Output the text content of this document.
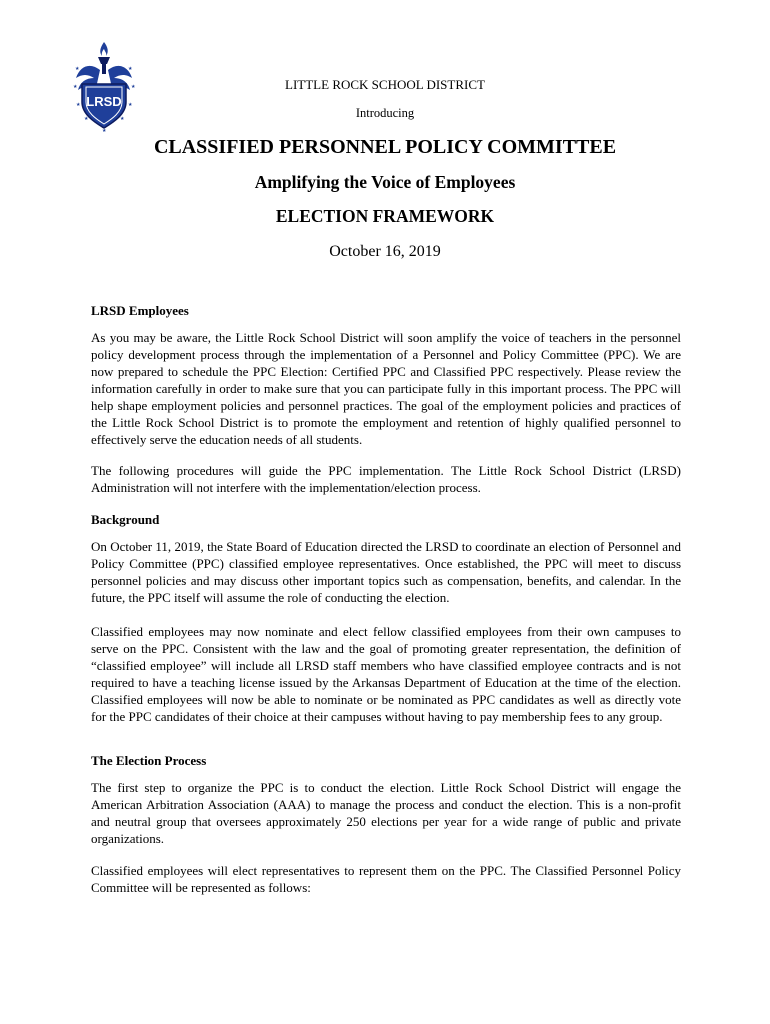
LRSD
★
★
★
★
★
★
★
★
★
LITTLE ROCK SCHOOL DISTRICT
Introducing
CLASSIFIED PERSONNEL POLICY COMMITTEE
Amplifying the Voice of Employees
ELECTION FRAMEWORK
October 16, 2019

LRSD Employees

As you may be aware, the Little Rock School District will soon amplify the voice of teachers in the personnel policy development process through the implementation of a Personnel and Policy Committee (PPC). We are now prepared to schedule the PPC Election: Certified PPC and Classified PPC respectively. Please review the information carefully in order to make sure that you can participate fully in this important process. The PPC will help shape employment policies and personnel practices. The goal of the employment policies and practices of the Little Rock School District is to promote the employment and retention of highly qualified personnel to effectively serve the education needs of all students.

The following procedures will guide the PPC implementation. The Little Rock School District (LRSD) Administration will not interfere with the implementation/election process.

Background

On October 11, 2019, the State Board of Education directed the LRSD to coordinate an election of Personnel and Policy Committee (PPC) classified employee representatives. Once established, the PPC will meet to discuss personnel policies and may discuss other important topics such as compensation, benefits, and calendar. In the future, the PPC itself will assume the role of conducting the election.

Classified employees may now nominate and elect fellow classified employees from their own campuses to serve on the PPC. Consistent with the law and the goal of promoting greater representation, the definition of “classified employee” will include all LRSD staff members who have classified employee contracts and is not required to have a teaching license issued by the Arkansas Department of Education at the time of the election. Classified employees will now be able to nominate or be nominated as PPC candidates as well as directly vote for the PPC candidates of their choice at their campuses without having to pay membership fees to any group.

The Election Process

The first step to organize the PPC is to conduct the election. Little Rock School District will engage the American Arbitration Association (AAA) to manage the process and conduct the election. This is a non-profit and neutral group that oversees approximately 250 elections per year for a wide range of public and private organizations.

Classified employees will elect representatives to represent them on the PPC. The Classified Personnel Policy Committee will be represented as follows:
